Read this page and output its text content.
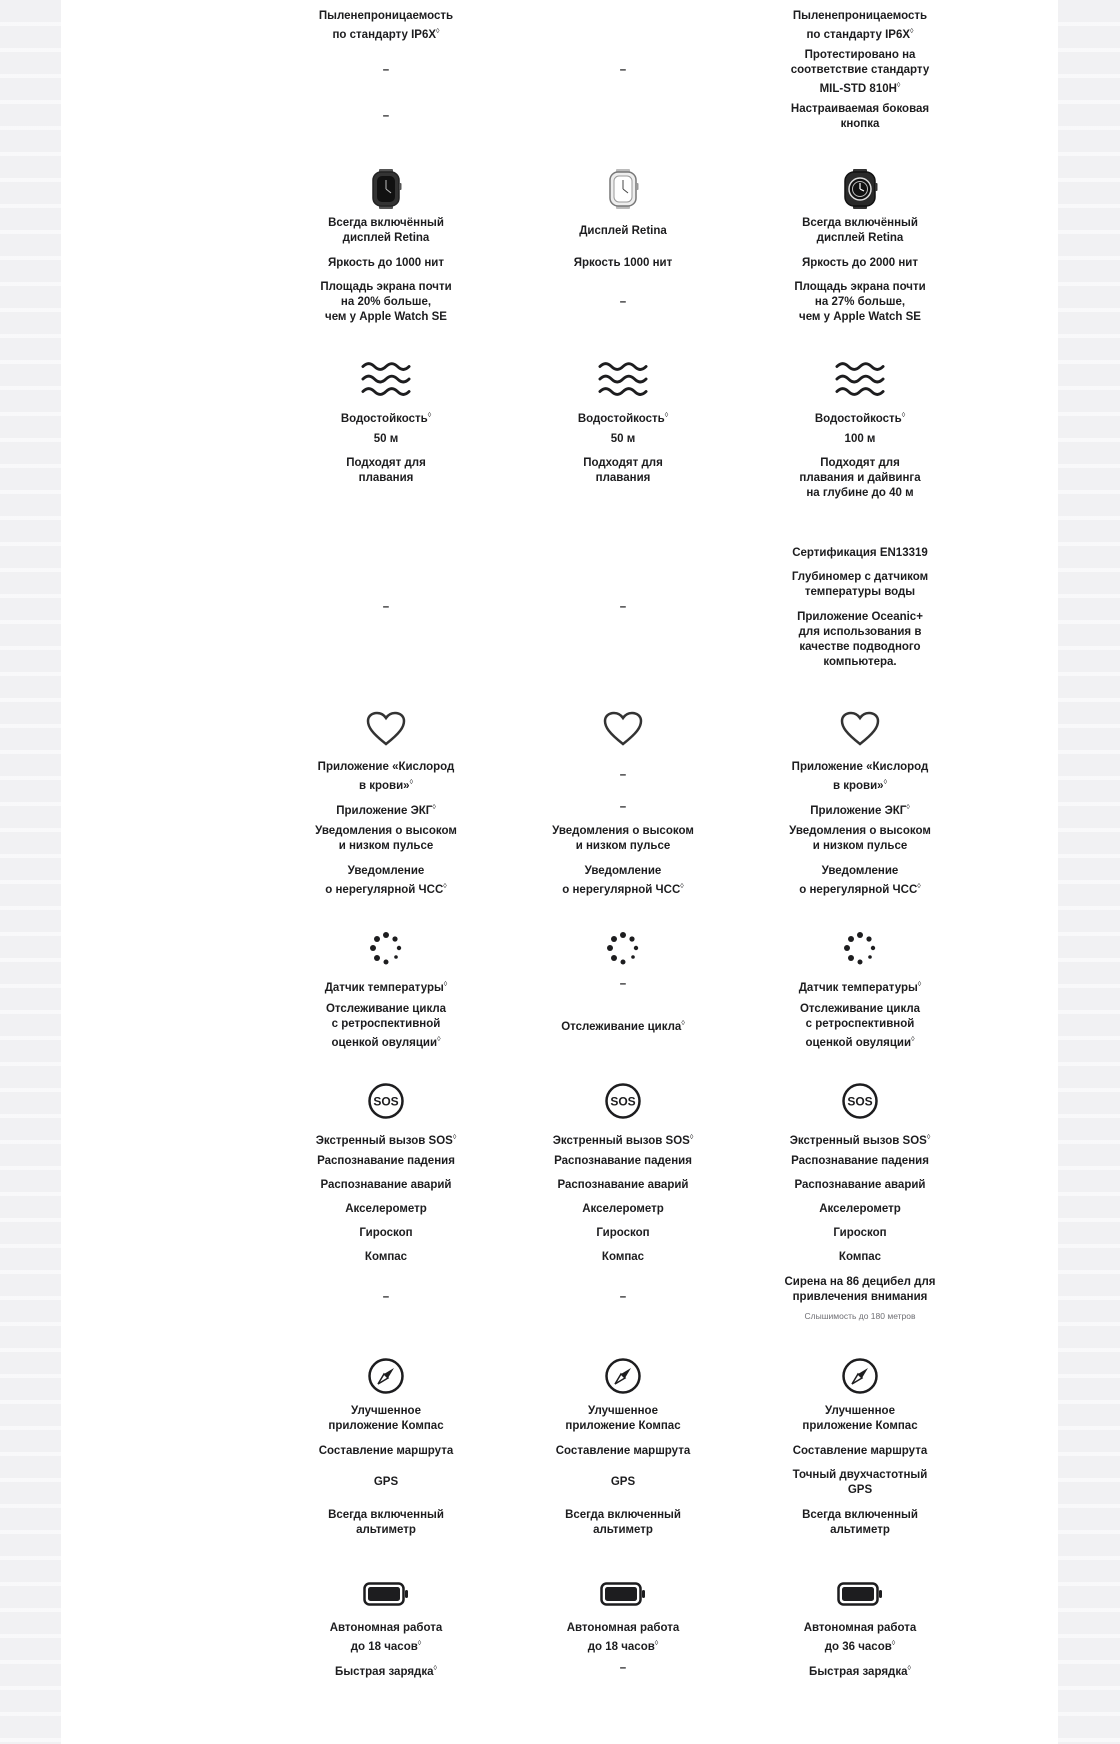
Пыленепроницаемость
по стандарту IP6X◊
–
–
Всегда включённый
дисплей Retina
Яркость до 1000 нит
Площадь экрана почти
на 20% больше,
чем у Apple Watch SE
Водостойкость◊
50 м
Подходят для
плавания
–
Приложение «Кислород
в крови»◊
Приложение ЭКГ◊
Уведомления о высоком
и низком пульсе
Уведомление
о нерегулярной ЧСС◊
Датчик температуры◊
Отслеживание цикла
с ретроспективной
оценкой овуляции◊
SOS
Экстренный вызов SOS◊
Распознавание падения
Распознавание аварий
Акселерометр
Гироскоп
Компас
–
Улучшенное
приложение Компас
Составление маршрута
GPS
Всегда включенный
альтиметр
Автономная работа
до 18 часов◊
Быстрая зарядка◊
–
Дисплей Retina
Яркость 1000 нит
–
Водостойкость◊
50 м
Подходят для
плавания
–
–
–
Уведомления о высоком
и низком пульсе
Уведомление
о нерегулярной ЧСС◊
–
Отслеживание цикла◊
SOS
Экстренный вызов SOS◊
Распознавание падения
Распознавание аварий
Акселерометр
Гироскоп
Компас
–
Улучшенное
приложение Компас
Составление маршрута
GPS
Всегда включенный
альтиметр
Автономная работа
до 18 часов◊
–
Пыленепроницаемость
по стандарту IP6X◊
Протестировано на
соответствие стандарту
MIL-STD 810H◊
Настраиваемая боковая
кнопка
Всегда включённый
дисплей Retina
Яркость до 2000 нит
Площадь экрана почти
на 27% больше,
чем у Apple Watch SE
Водостойкость◊
100 м
Подходят для
плавания и дайвинга
на глубине до 40 м
Сертификация EN13319
Глубиномер с датчиком
температуры воды
Приложение Oceanic+
для использования в
качестве подводного
компьютера.
Приложение «Кислород
в крови»◊
Приложение ЭКГ◊
Уведомления о высоком
и низком пульсе
Уведомление
о нерегулярной ЧСС◊
Датчик температуры◊
Отслеживание цикла
с ретроспективной
оценкой овуляции◊
SOS
Экстренный вызов SOS◊
Распознавание падения
Распознавание аварий
Акселерометр
Гироскоп
Компас
Сирена на 86 децибел для
привлечения внимания
Слышимость до 180 метров
Улучшенное
приложение Компас
Составление маршрута
Точный двухчастотный
GPS
Всегда включенный
альтиметр
Автономная работа
до 36 часов◊
Быстрая зарядка◊
